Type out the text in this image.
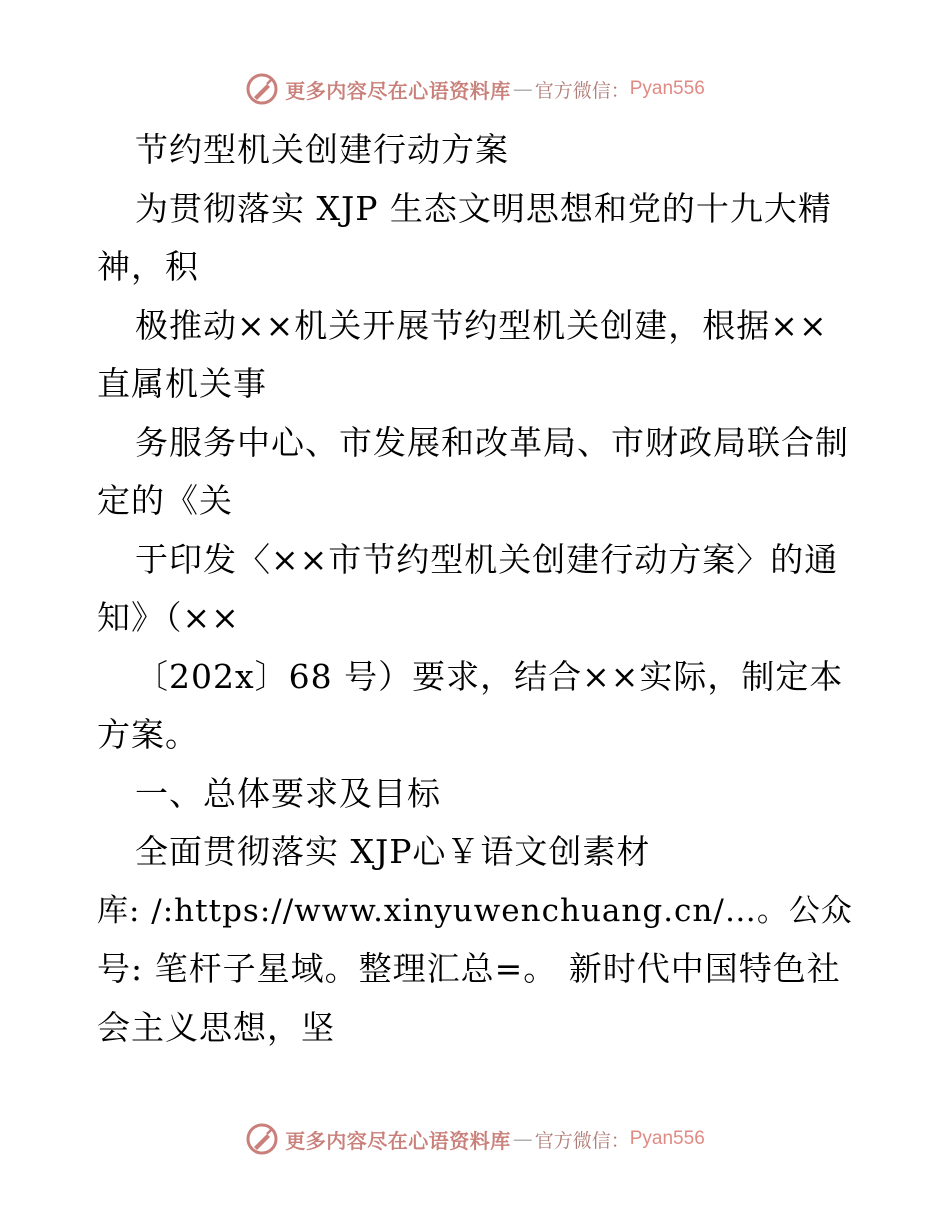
更多内容尽在心语资料库 — 官方微信： Pyan556
节约型机关创建行动方案
为贯彻落实 XJP 生态文明思想和党的十九大精
神，积
极推动××机关开展节约型机关创建，根据××
直属机关事
务服务中心、市发展和改革局、市财政局联合制
定的《关
于印发〈××市节约型机关创建行动方案〉的通
知》（××
〔202x〕68 号）要求，结合××实际，制定本
方案。
一、总体要求及目标
全面贯彻落实 XJP心￥语文创素材
库: /:https://www.xinyuwenchuang.cn/…。公众
号: 笔杆子星域。整理汇总=。 新时代中国特色社
会主义思想，坚
更多内容尽在心语资料库 — 官方微信： Pyan556
